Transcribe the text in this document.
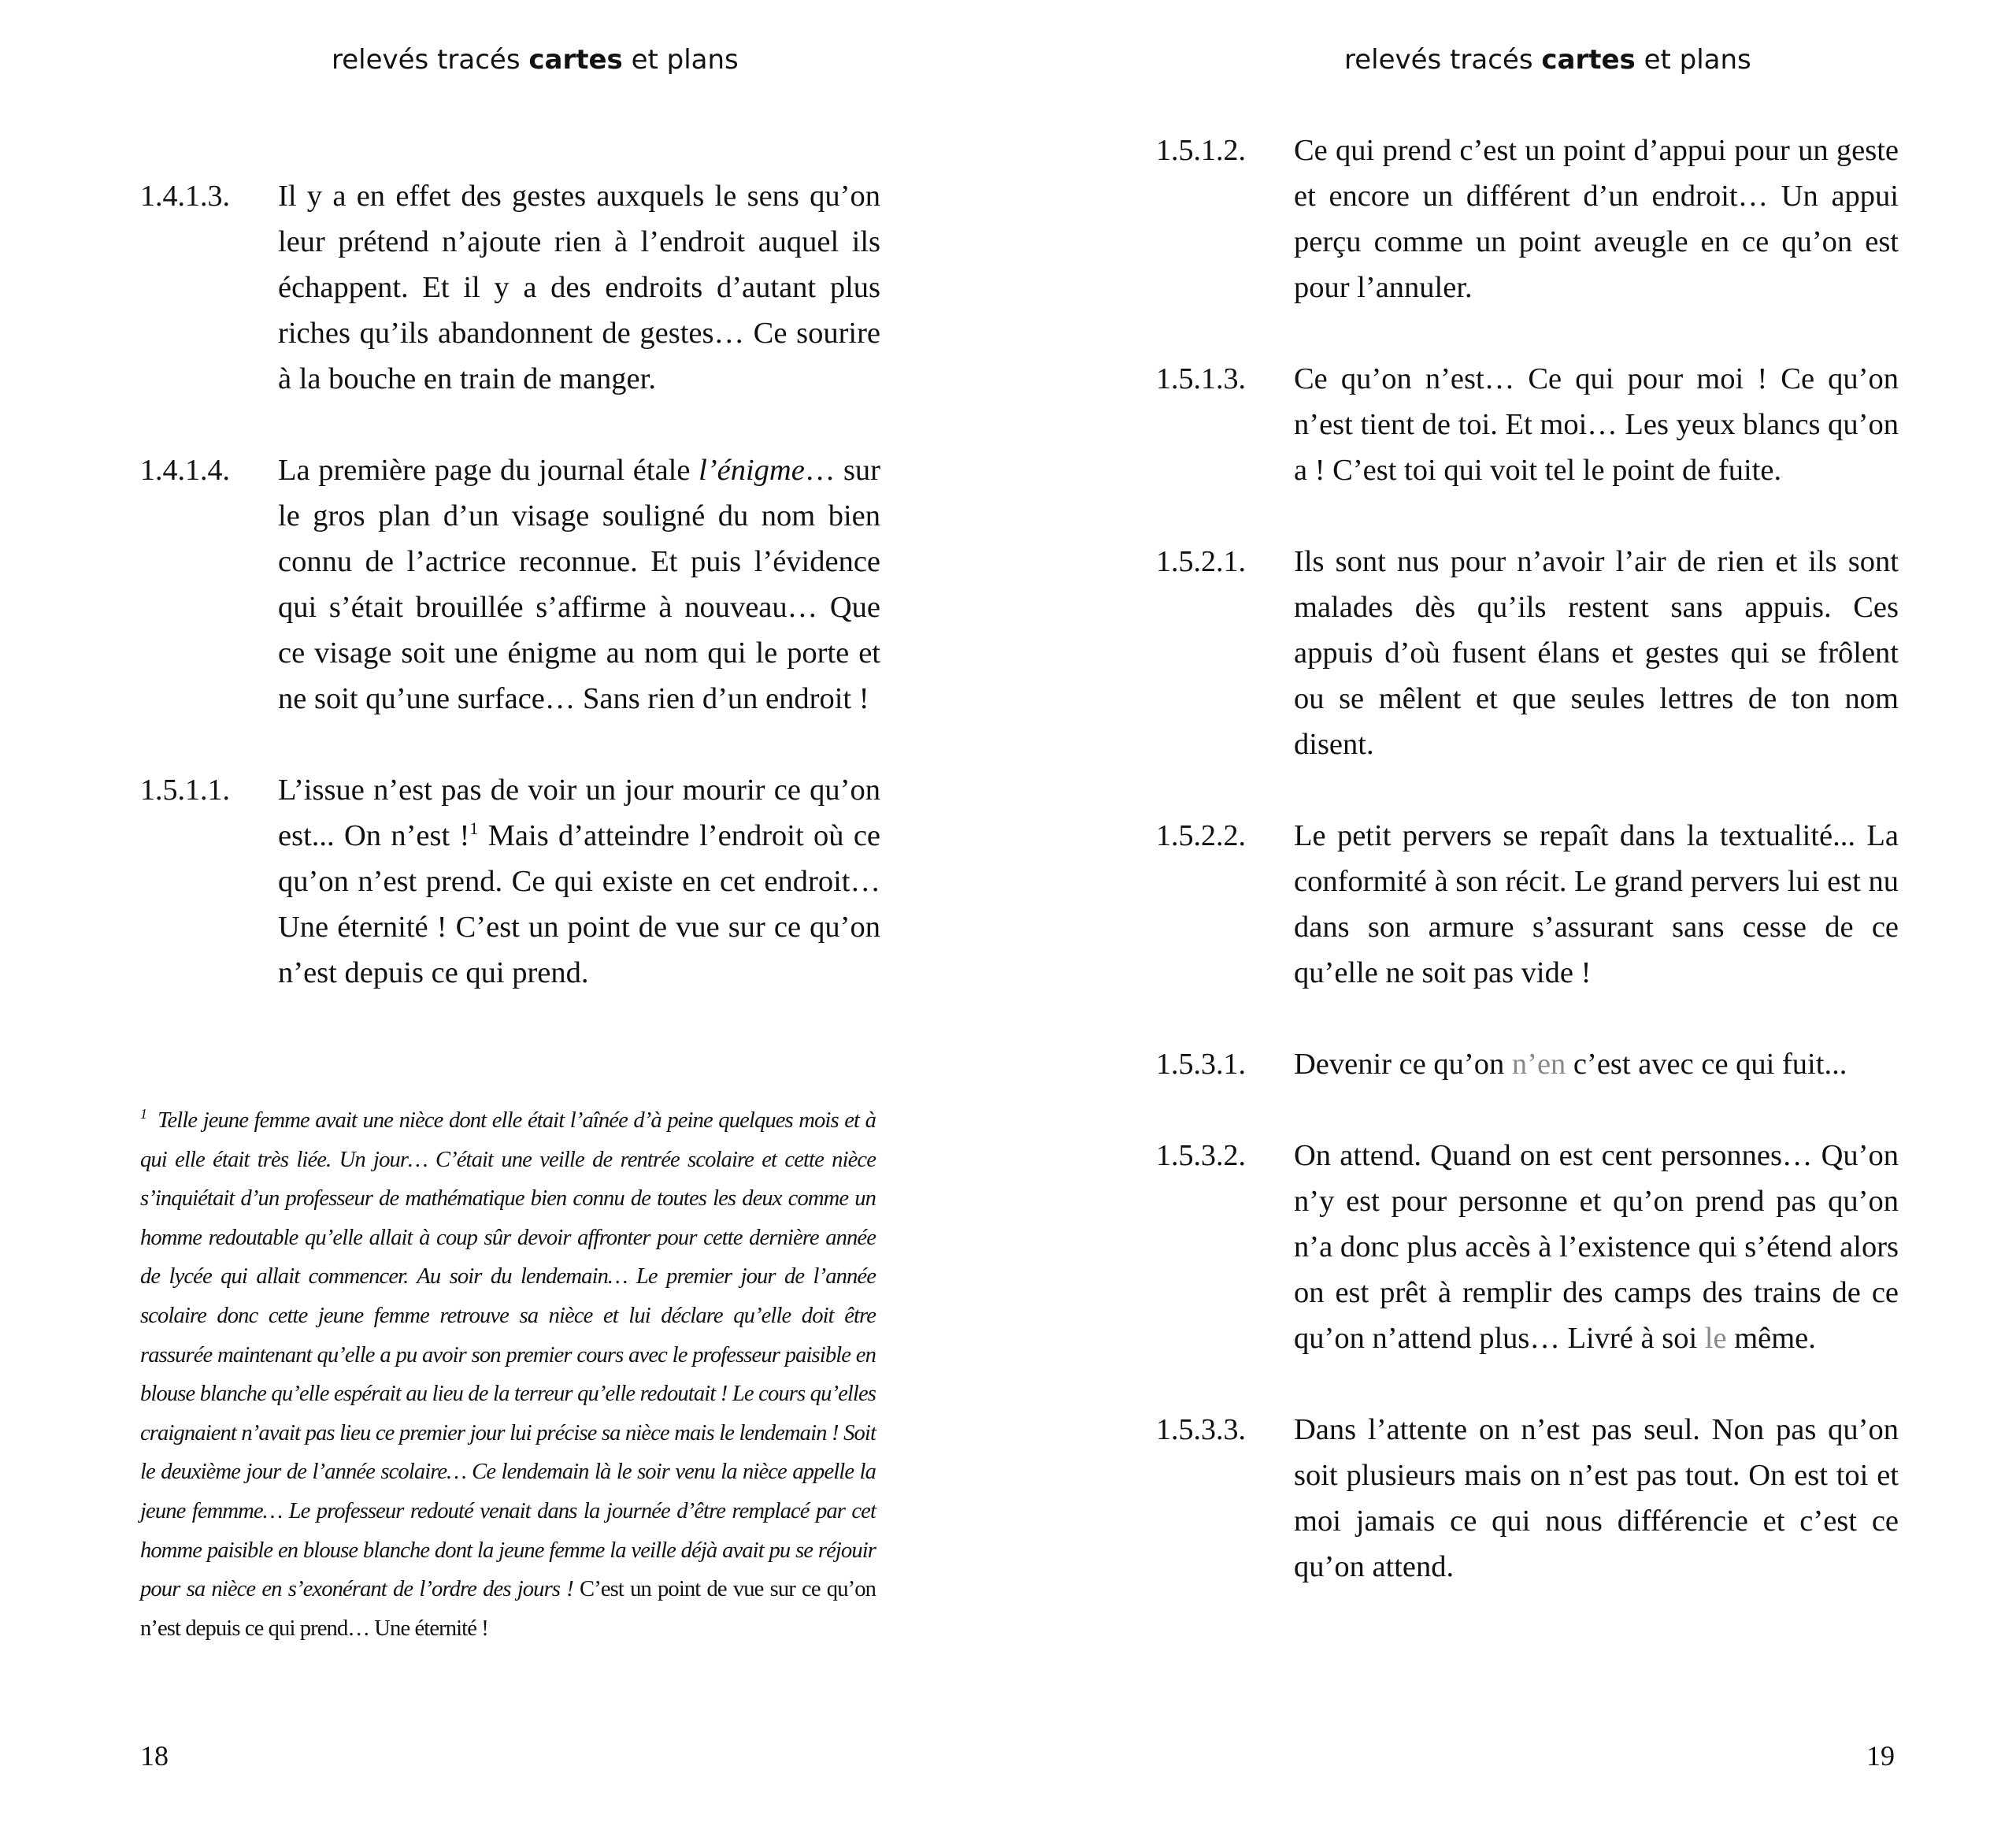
relevés tracés cartes et plans
1.4.1.3. Il y a en effet des gestes auxquels le sens qu’on leur prétend n’ajoute rien à l’endroit auquel ils échappent. Et il y a des endroits d’autant plus riches qu’ils abandonnent de gestes… Ce sourire à la bouche en train de manger.
1.4.1.4. La première page du journal étale l’énigme… sur le gros plan d’un visage souligné du nom bien connu de l’actrice reconnue. Et puis l’évidence qui s’était brouillée s’affirme à nouveau… Que ce visage soit une énigme au nom qui le porte et ne soit qu’une surface… Sans rien d’un endroit !
1.5.1.1. L’issue n’est pas de voir un jour mourir ce qu’on est... On n’est !$^1$ Mais d’atteindre l’endroit où ce qu’on n’est prend. Ce qui existe en cet endroit… Une éternité ! C’est un point de vue sur ce qu’on n’est depuis ce qui prend.
$^1$ Telle jeune femme avait une nièce dont elle était l’aînée d’à peine quelques mois et à qui elle était très liée. Un jour… C’était une veille de rentrée scolaire et cette nièce s’inquiétait d’un professeur de mathématique bien connu de toutes les deux comme un homme redoutable qu’elle allait à coup sûr devoir affronter pour cette dernière année de lycée qui allait commencer. Au soir du lendemain… Le premier jour de l’année scolaire donc cette jeune femme retrouve sa nièce et lui déclare qu’elle doit être rassurée maintenant qu’elle a pu avoir son premier cours avec le professeur paisible en blouse blanche qu’elle espérait au lieu de la terreur qu’elle redoutait ! Le cours qu’elles craignaient n’avait pas lieu ce premier jour lui précise sa nièce mais le lendemain ! Soit le deuxième jour de l’année scolaire… Ce lendemain là le soir venu la nièce appelle la jeune femmme… Le professeur redouté venait dans la journée d’être remplacé par cet homme paisible en blouse blanche dont la jeune femme la veille déjà avait pu se réjouir pour sa nièce en s’exonérant de l’ordre des jours ! C’est un point de vue sur ce qu’on n’est depuis ce qui prend… Une éternité !
18
relevés tracés cartes et plans
1.5.1.2. Ce qui prend c’est un point d’appui pour un geste et encore un différent d’un endroit… Un appui perçu comme un point aveugle en ce qu’on est pour l’annuler.
1.5.1.3. Ce qu’on n’est… Ce qui pour moi ! Ce qu’on n’est tient de toi. Et moi… Les yeux blancs qu’on a ! C’est toi qui voit tel le point de fuite.
1.5.2.1. Ils sont nus pour n’avoir l’air de rien et ils sont malades dès qu’ils restent sans appuis. Ces appuis d’où fusent élans et gestes qui se frôlent ou se mêlent et que seules lettres de ton nom disent.
1.5.2.2. Le petit pervers se repaît dans la textualité... La conformité à son récit. Le grand pervers lui est nu dans son armure s’assurant sans cesse de ce qu’elle ne soit pas vide !
1.5.3.1. Devenir ce qu’on n’en c’est avec ce qui fuit...
1.5.3.2. On attend. Quand on est cent personnes… Qu’on n’y est pour personne et qu’on prend pas qu’on n’a donc plus accès à l’existence qui s’étend alors on est prêt à remplir des camps des trains de ce qu’on n’attend plus… Livré à soi le même.
1.5.3.3. Dans l’attente on n’est pas seul. Non pas qu’on soit plusieurs mais on n’est pas tout. On est toi et moi jamais ce qui nous différencie et c’est ce qu’on attend.
19
